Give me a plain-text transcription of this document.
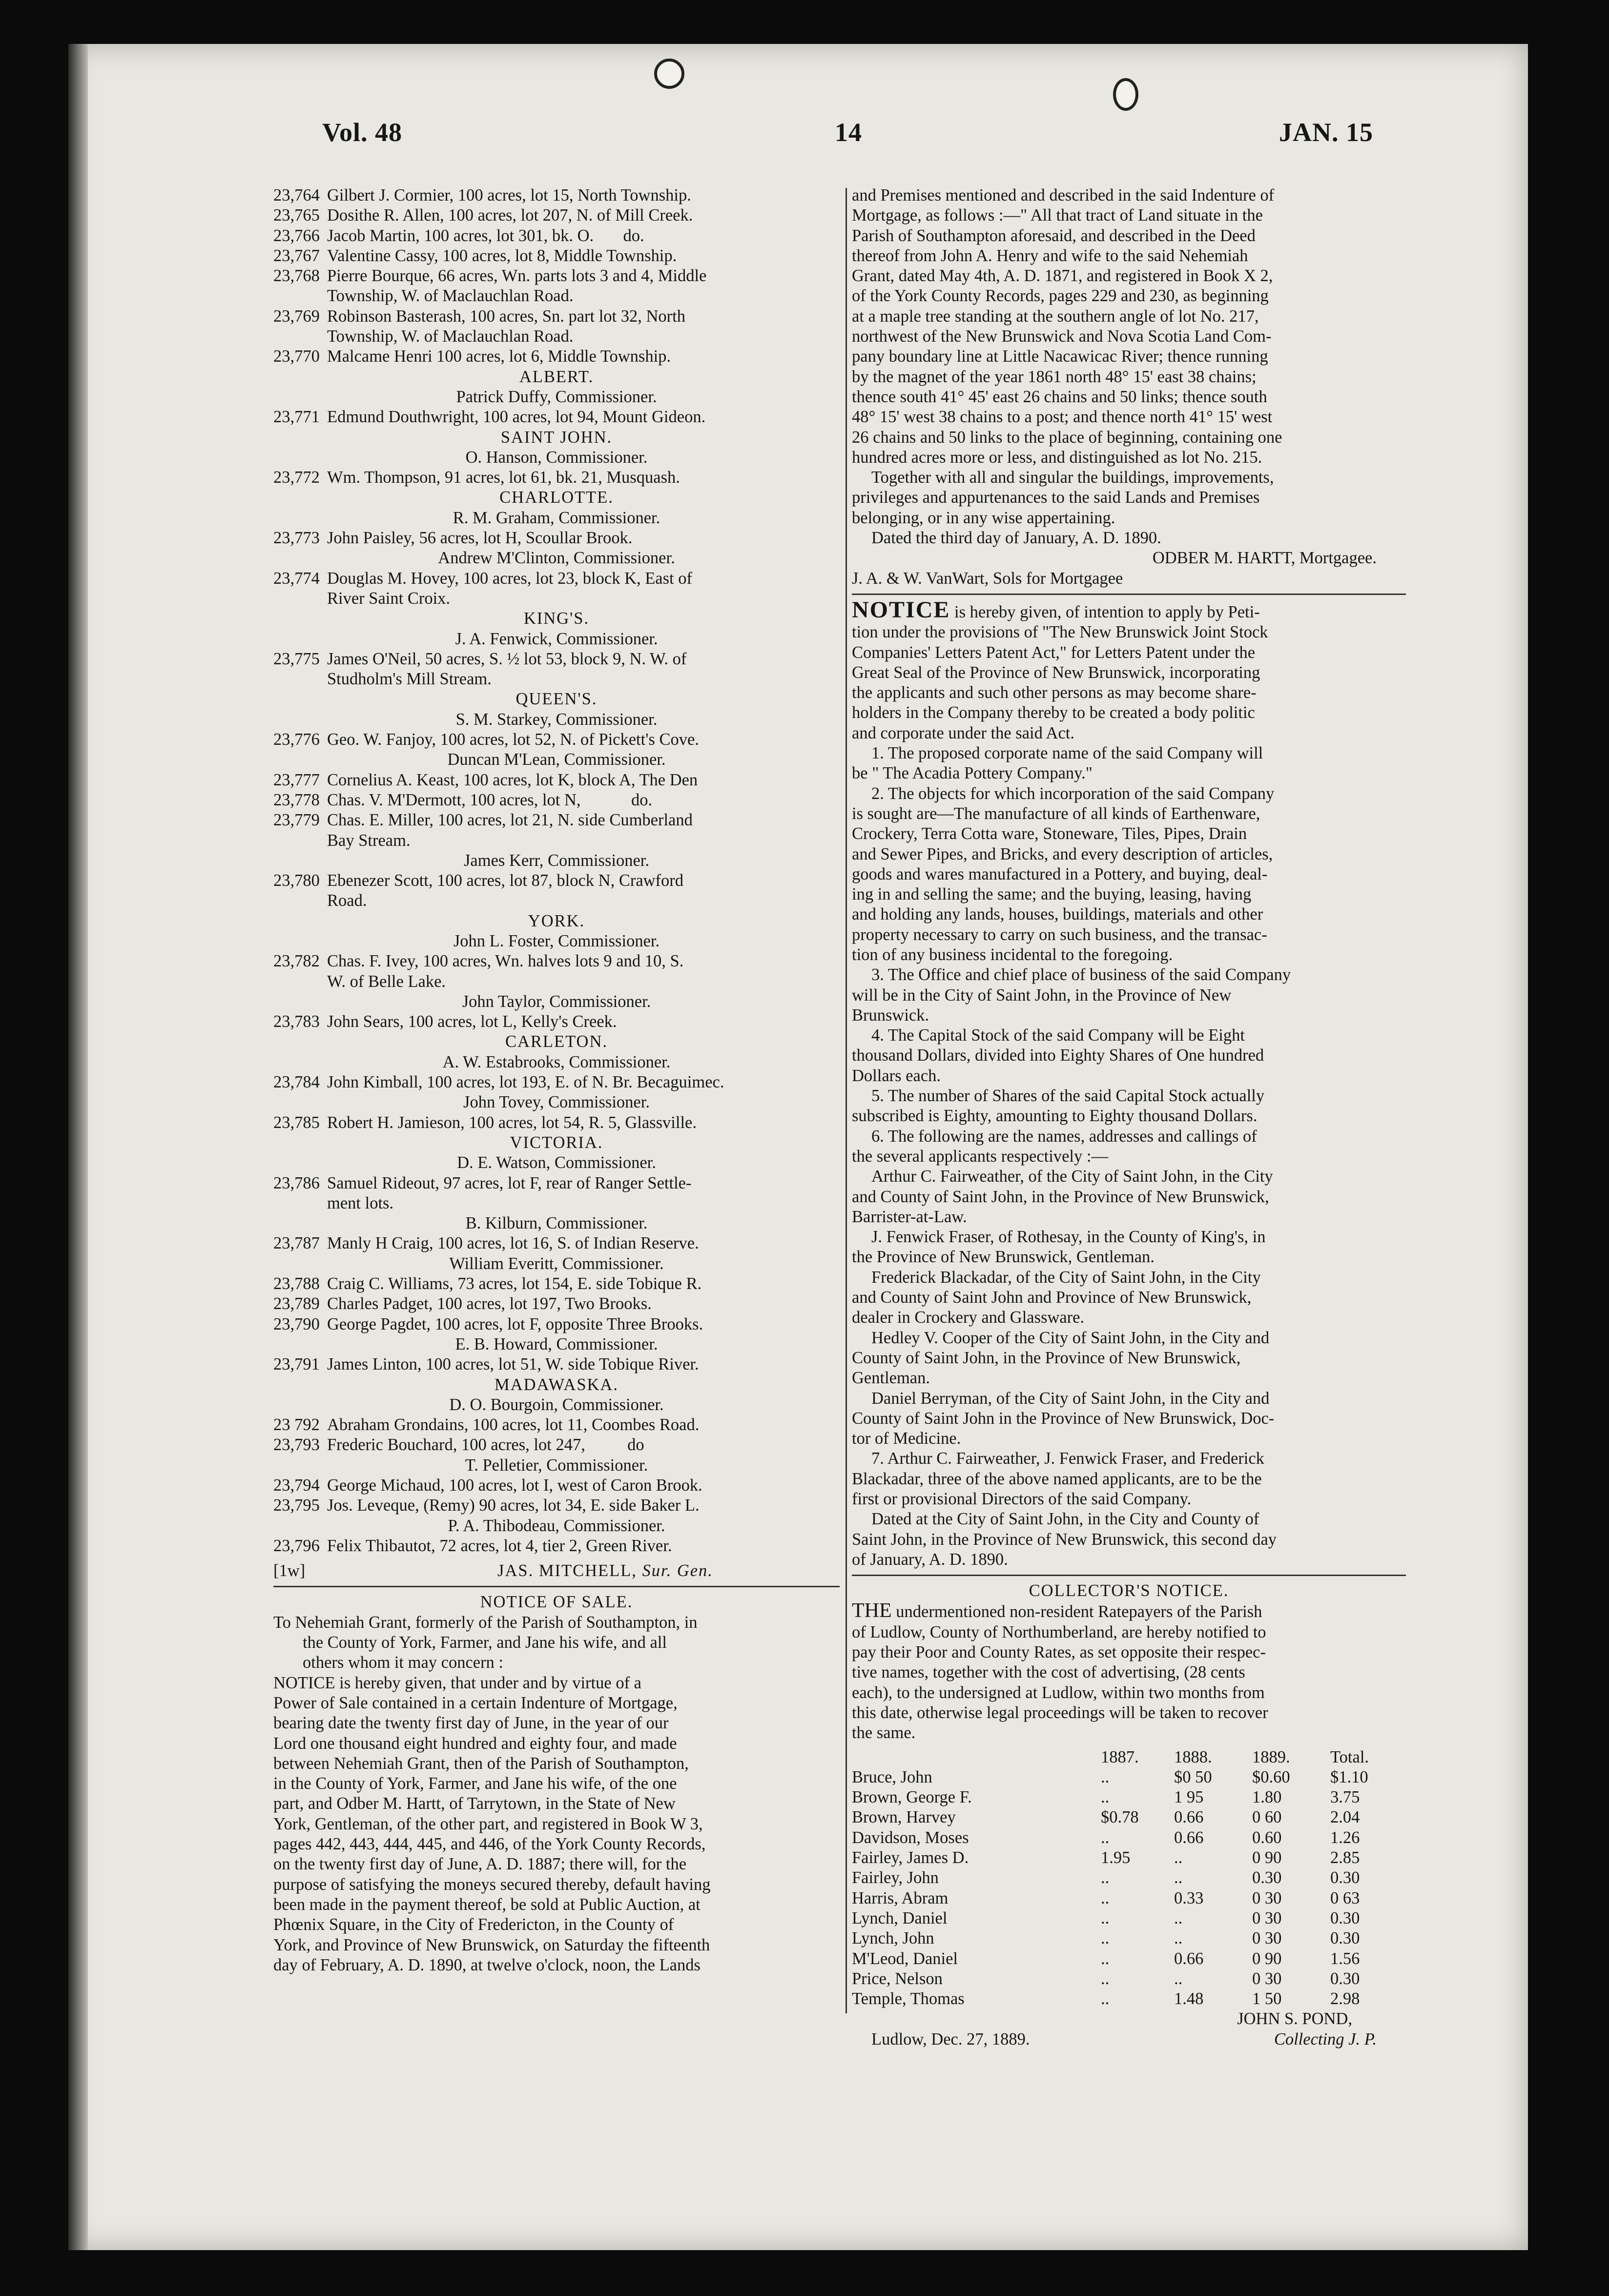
Vol. 48	14	JAN. 15
23,764 Gilbert J. Cormier, 100 acres, lot 15, North Township.
23,765 Dosithe R. Allen, 100 acres, lot 207, N. of Mill Creek.
23,766 Jacob Martin, 100 acres, lot 301, bk. O.       do.
23,767 Valentine Cassy, 100 acres, lot 8, Middle Township.
23,768 Pierre Bourque, 66 acres, Wn. parts lots 3 and 4, Middle
Township, W. of Maclauchlan Road.
23,769 Robinson Basterash, 100 acres, Sn. part lot 32, North
Township, W. of Maclauchlan Road.
23,770 Malcame Henri 100 acres, lot 6, Middle Township.
ALBERT.
Patrick Duffy, Commissioner.
23,771 Edmund Douthwright, 100 acres, lot 94, Mount Gideon.
SAINT JOHN.
O. Hanson, Commissioner.
23,772 Wm. Thompson, 91 acres, lot 61, bk. 21, Musquash.
CHARLOTTE.
R. M. Graham, Commissioner.
23,773 John Paisley, 56 acres, lot H, Scoullar Brook.
Andrew M'Clinton, Commissioner.
23,774 Douglas M. Hovey, 100 acres, lot 23, block K, East of
River Saint Croix.
KING'S.
J. A. Fenwick, Commissioner.
23,775 James O'Neil, 50 acres, S. ½ lot 53, block 9, N. W. of
Studholm's Mill Stream.
QUEEN'S.
S. M. Starkey, Commissioner.
23,776 Geo. W. Fanjoy, 100 acres, lot 52, N. of Pickett's Cove.
Duncan M'Lean, Commissioner.
23,777 Cornelius A. Keast, 100 acres, lot K, block A, The Den
23,778 Chas. V. M'Dermott, 100 acres, lot N,            do.
23,779 Chas. E. Miller, 100 acres, lot 21, N. side Cumberland
Bay Stream.
James Kerr, Commissioner.
23,780 Ebenezer Scott, 100 acres, lot 87, block N, Crawford
Road.
YORK.
John L. Foster, Commissioner.
23,782 Chas. F. Ivey, 100 acres, Wn. halves lots 9 and 10, S.
W. of Belle Lake.
John Taylor, Commissioner.
23,783 John Sears, 100 acres, lot L, Kelly's Creek.
CARLETON.
A. W. Estabrooks, Commissioner.
23,784 John Kimball, 100 acres, lot 193, E. of N. Br. Becaguimec.
John Tovey, Commissioner.
23,785 Robert H. Jamieson, 100 acres, lot 54, R. 5, Glassville.
VICTORIA.
D. E. Watson, Commissioner.
23,786 Samuel Rideout, 97 acres, lot F, rear of Ranger Settle-
ment lots.
B. Kilburn, Commissioner.
23,787 Manly H Craig, 100 acres, lot 16, S. of Indian Reserve.
William Everitt, Commissioner.
23,788 Craig C. Williams, 73 acres, lot 154, E. side Tobique R.
23,789 Charles Padget, 100 acres, lot 197, Two Brooks.
23,790 George Pagdet, 100 acres, lot F, opposite Three Brooks.
E. B. Howard, Commissioner.
23,791 James Linton, 100 acres, lot 51, W. side Tobique River.
MADAWASKA.
D. O. Bourgoin, Commissioner.
23 792 Abraham Grondains, 100 acres, lot 11, Coombes Road.
23,793 Frederic Bouchard, 100 acres, lot 247,          do
T. Pelletier, Commissioner.
23,794 George Michaud, 100 acres, lot I, west of Caron Brook.
23,795 Jos. Leveque, (Remy) 90 acres, lot 34, E. side Baker L.
P. A. Thibodeau, Commissioner.
23,796 Felix Thibautot, 72 acres, lot 4, tier 2, Green River.
[1w]	JAS. MITCHELL, Sur. Gen.
NOTICE OF SALE.
To Nehemiah Grant, formerly of the Parish of Southampton, in
the County of York, Farmer, and Jane his wife, and all
others whom it may concern :
NOTICE is hereby given, that under and by virtue of a
Power of Sale contained in a certain Indenture of Mortgage,
bearing date the twenty first day of June, in the year of our
Lord one thousand eight hundred and eighty four, and made
between Nehemiah Grant, then of the Parish of Southampton,
in the County of York, Farmer, and Jane his wife, of the one
part, and Odber M. Hartt, of Tarrytown, in the State of New
York, Gentleman, of the other part, and registered in Book W 3,
pages 442, 443, 444, 445, and 446, of the York County Records,
on the twenty first day of June, A. D. 1887; there will, for the
purpose of satisfying the moneys secured thereby, default having
been made in the payment thereof, be sold at Public Auction, at
Phœnix Square, in the City of Fredericton, in the County of
York, and Province of New Brunswick, on Saturday the fifteenth
day of February, A. D. 1890, at twelve o'clock, noon, the Lands
and Premises mentioned and described in the said Indenture of
Mortgage, as follows :—" All that tract of Land situate in the
Parish of Southampton aforesaid, and described in the Deed
thereof from John A. Henry and wife to the said Nehemiah
Grant, dated May 4th, A. D. 1871, and registered in Book X 2,
of the York County Records, pages 229 and 230, as beginning
at a maple tree standing at the southern angle of lot No. 217,
northwest of the New Brunswick and Nova Scotia Land Com-
pany boundary line at Little Nacawicac River; thence running
by the magnet of the year 1861 north 48° 15' east 38 chains;
thence south 41° 45' east 26 chains and 50 links; thence south
48° 15' west 38 chains to a post; and thence north 41° 15' west
26 chains and 50 links to the place of beginning, containing one
hundred acres more or less, and distinguished as lot No. 215.
Together with all and singular the buildings, improvements,
privileges and appurtenances to the said Lands and Premises
belonging, or in any wise appertaining.
Dated the third day of January, A. D. 1890.
ODBER M. HARTT, Mortgagee.
J. A. & W. VanWart, Sols for Mortgagee
NOTICE is hereby given, of intention to apply by Peti-
tion under the provisions of "The New Brunswick Joint Stock
Companies' Letters Patent Act," for Letters Patent under the
Great Seal of the Province of New Brunswick, incorporating
the applicants and such other persons as may become share-
holders in the Company thereby to be created a body politic
and corporate under the said Act.
1. The proposed corporate name of the said Company will
be " The Acadia Pottery Company."
2. The objects for which incorporation of the said Company
is sought are—The manufacture of all kinds of Earthenware,
Crockery, Terra Cotta ware, Stoneware, Tiles, Pipes, Drain
and Sewer Pipes, and Bricks, and every description of articles,
goods and wares manufactured in a Pottery, and buying, deal-
ing in and selling the same; and the buying, leasing, having
and holding any lands, houses, buildings, materials and other
property necessary to carry on such business, and the transac-
tion of any business incidental to the foregoing.
3. The Office and chief place of business of the said Company
will be in the City of Saint John, in the Province of New
Brunswick.
4. The Capital Stock of the said Company will be Eight
thousand Dollars, divided into Eighty Shares of One hundred
Dollars each.
5. The number of Shares of the said Capital Stock actually
subscribed is Eighty, amounting to Eighty thousand Dollars.
6. The following are the names, addresses and callings of
the several applicants respectively :—
Arthur C. Fairweather, of the City of Saint John, in the City
and County of Saint John, in the Province of New Brunswick,
Barrister-at-Law.
J. Fenwick Fraser, of Rothesay, in the County of King's, in
the Province of New Brunswick, Gentleman.
Frederick Blackadar, of the City of Saint John, in the City
and County of Saint John and Province of New Brunswick,
dealer in Crockery and Glassware.
Hedley V. Cooper of the City of Saint John, in the City and
County of Saint John, in the Province of New Brunswick,
Gentleman.
Daniel Berryman, of the City of Saint John, in the City and
County of Saint John in the Province of New Brunswick, Doc-
tor of Medicine.
7. Arthur C. Fairweather, J. Fenwick Fraser, and Frederick
Blackadar, three of the above named applicants, are to be the
first or provisional Directors of the said Company.
Dated at the City of Saint John, in the City and County of
Saint John, in the Province of New Brunswick, this second day
of January, A. D. 1890.
COLLECTOR'S NOTICE.
THE undermentioned non-resident Ratepayers of the Parish
of Ludlow, County of Northumberland, are hereby notified to
pay their Poor and County Rates, as set opposite their respec-
tive names, together with the cost of advertising, (28 cents
each), to the undersigned at Ludlow, within two months from
this date, otherwise legal proceedings will be taken to recover
the same.
	1887.	1888.	1889.	Total.
Bruce, John	..	$0 50	$0.60	$1.10
Brown, George F.	..	1 95	1.80	3.75
Brown, Harvey	$0.78	0.66	0 60	2.04
Davidson, Moses	..	0.66	0.60	1.26
Fairley, James D.	1.95	..	0 90	2.85
Fairley, John	..	..	0.30	0.30
Harris, Abram	..	0.33	0 30	0 63
Lynch, Daniel	..	..	0 30	0.30
Lynch, John	..	..	0 30	0.30
M'Leod, Daniel	..	0.66	0 90	1.56
Price, Nelson	..	..	0 30	0.30
Temple, Thomas	..	1.48	1 50	2.98
JOHN S. POND,
Ludlow, Dec. 27, 1889.	Collecting J. P.
